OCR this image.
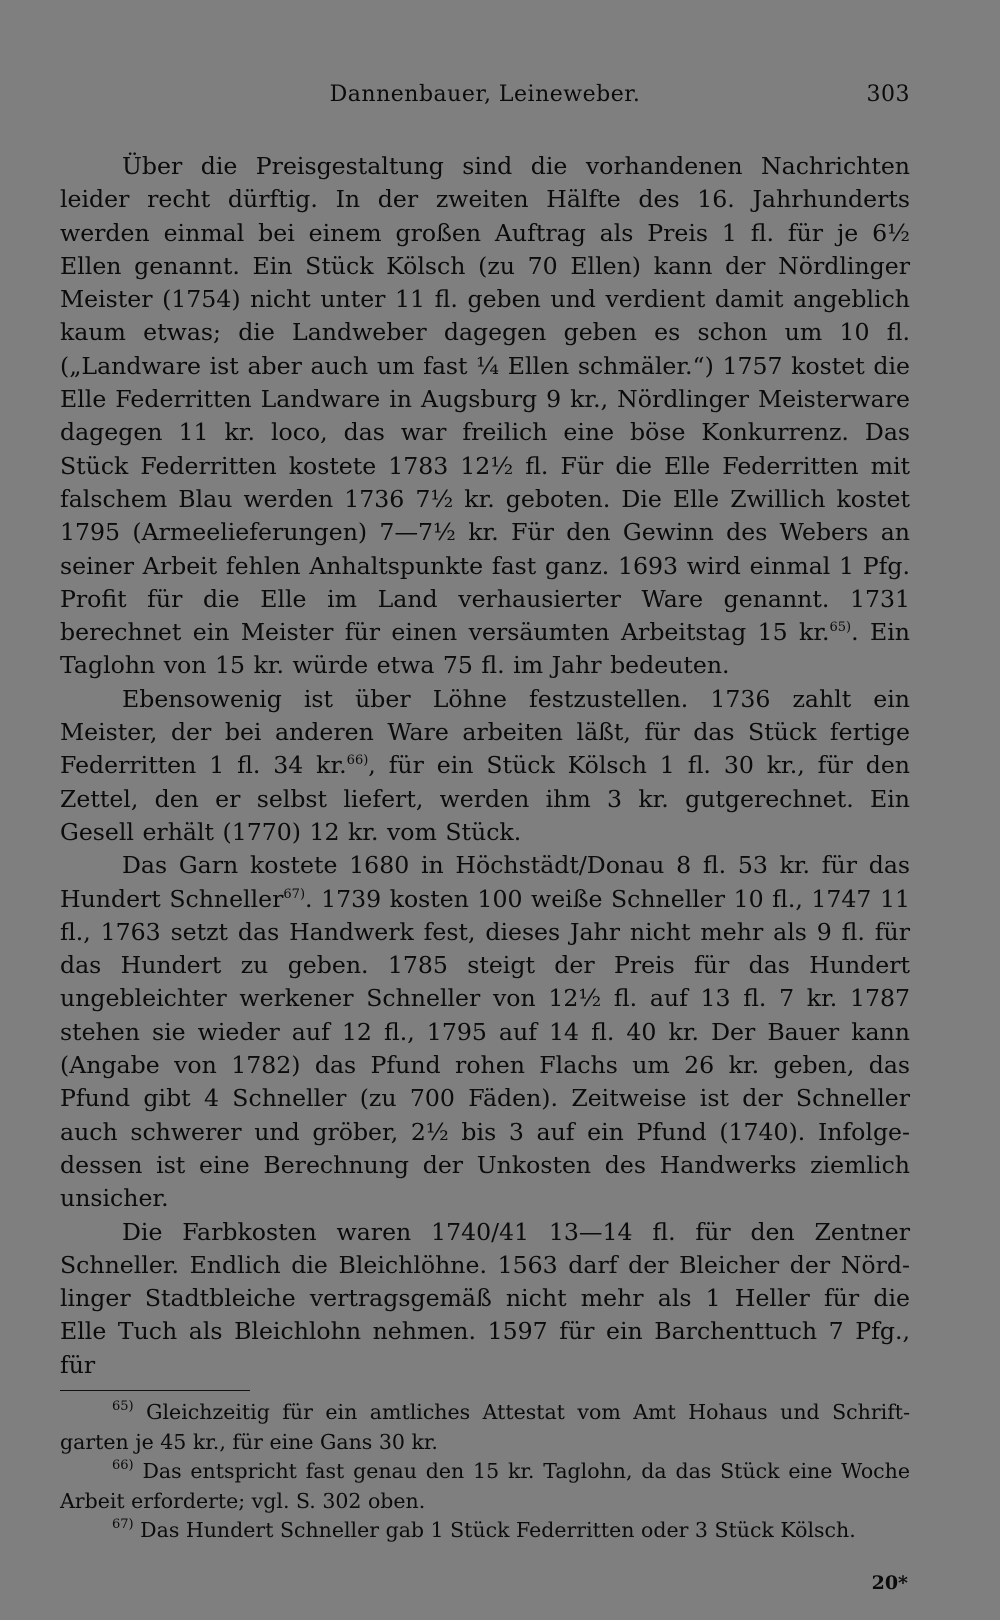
Dannenbauer, Leineweber.	303

Über die Preisgestaltung sind die vorhandenen Nachrichten leider recht dürftig. In der zweiten Hälfte des 16. Jahrhunderts werden einmal bei einem großen Auftrag als Preis 1 fl. für je 6½ Ellen genannt. Ein Stück Kölsch (zu 70 Ellen) kann der Nördlinger Meister (1754) nicht unter 11 fl. geben und verdient damit angeblich kaum etwas; die Landweber dagegen geben es schon um 10 fl. („Landware ist aber auch um fast ¼ Ellen schmäler.“) 1757 kostet die Elle Federritten Landware in Augsburg 9 kr., Nördlinger Meisterware dagegen 11 kr. loco, das war freilich eine böse Konkurrenz. Das Stück Federritten kostete 1783 12½ fl. Für die Elle Federritten mit falschem Blau werden 1736 7½ kr. geboten. Die Elle Zwillich kostet 1795 (Armeelieferungen) 7—7½ kr. Für den Gewinn des Webers an seiner Arbeit fehlen Anhaltspunkte fast ganz. 1693 wird einmal 1 Pfg. Profit für die Elle im Land verhausierter Ware genannt. 1731 berechnet ein Meister für einen versäumten Arbeitstag 15 kr.$^{65)}$. Ein Taglohn von 15 kr. würde etwa 75 fl. im Jahr bedeuten.

Ebensowenig ist über Löhne festzustellen. 1736 zahlt ein Meister, der bei anderen Ware arbeiten läßt, für das Stück fertige Federritten 1 fl. 34 kr.$^{66)}$, für ein Stück Kölsch 1 fl. 30 kr., für den Zettel, den er selbst liefert, werden ihm 3 kr. gutgerechnet. Ein Gesell erhält (1770) 12 kr. vom Stück.

Das Garn kostete 1680 in Höchstädt/Donau 8 fl. 53 kr. für das Hundert Schneller$^{67)}$. 1739 kosten 100 weiße Schneller 10 fl., 1747 11 fl., 1763 setzt das Handwerk fest, dieses Jahr nicht mehr als 9 fl. für das Hundert zu geben. 1785 steigt der Preis für das Hundert ungebleichter werkener Schneller von 12½ fl. auf 13 fl. 7 kr. 1787 stehen sie wieder auf 12 fl., 1795 auf 14 fl. 40 kr. Der Bauer kann (Angabe von 1782) das Pfund rohen Flachs um 26 kr. geben, das Pfund gibt 4 Schneller (zu 700 Fäden). Zeitweise ist der Schneller auch schwerer und gröber, 2½ bis 3 auf ein Pfund (1740). Infolgedessen ist eine Berechnung der Unkosten des Handwerks ziemlich unsicher.

Die Farbkosten waren 1740/41 13—14 fl. für den Zentner Schneller. Endlich die Bleichlöhne. 1563 darf der Bleicher der Nördlinger Stadtbleiche vertragsgemäß nicht mehr als 1 Heller für die Elle Tuch als Bleichlohn nehmen. 1597 für ein Barchenttuch 7 Pfg., für

$^{65)}$ Gleichzeitig für ein amtliches Attestat vom Amt Hohaus und Schriftgarten je 45 kr., für eine Gans 30 kr.

$^{66)}$ Das entspricht fast genau den 15 kr. Taglohn, da das Stück eine Woche Arbeit erforderte; vgl. S. 302 oben.

$^{67)}$ Das Hundert Schneller gab 1 Stück Federritten oder 3 Stück Kölsch.

20*
